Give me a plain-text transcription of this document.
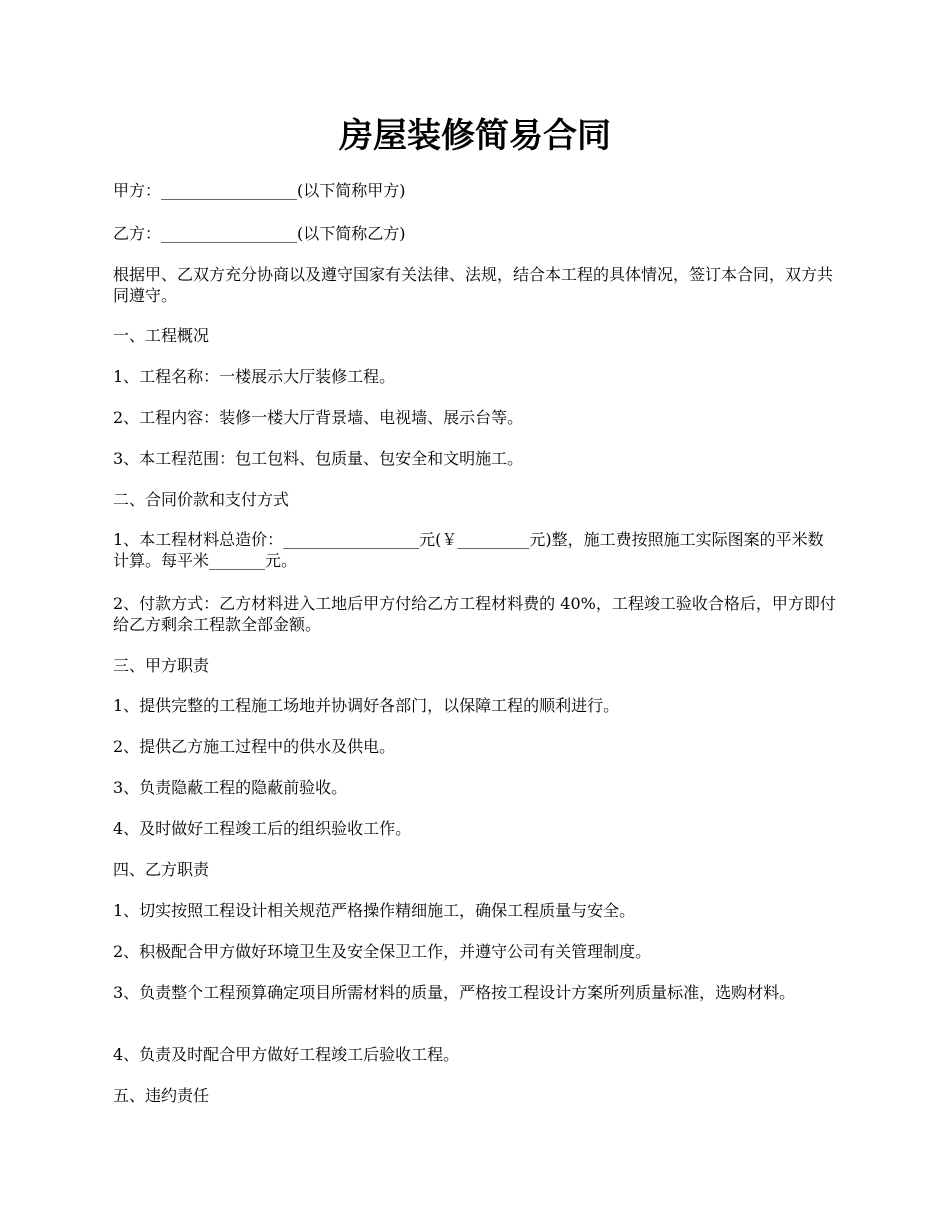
房屋装修简易合同

甲方：_________________(以下简称甲方)

乙方：_________________(以下简称乙方)

根据甲、乙双方充分协商以及遵守国家有关法律、法规，结合本工程的具体情况，签订本合同，双方共同遵守。

一、工程概况

1、工程名称：一楼展示大厅装修工程。

2、工程内容：装修一楼大厅背景墙、电视墙、展示台等。

3、本工程范围：包工包料、包质量、包安全和文明施工。

二、合同价款和支付方式

1、本工程材料总造价：_________________元(￥_________元)整，施工费按照施工实际图案的平米数计算。每平米_______元。

2、付款方式：乙方材料进入工地后甲方付给乙方工程材料费的 40%，工程竣工验收合格后，甲方即付给乙方剩余工程款全部金额。

三、甲方职责

1、提供完整的工程施工场地并协调好各部门，以保障工程的顺利进行。

2、提供乙方施工过程中的供水及供电。

3、负责隐蔽工程的隐蔽前验收。

4、及时做好工程竣工后的组织验收工作。

四、乙方职责

1、切实按照工程设计相关规范严格操作精细施工，确保工程质量与安全。

2、积极配合甲方做好环境卫生及安全保卫工作，并遵守公司有关管理制度。

3、负责整个工程预算确定项目所需材料的质量，严格按工程设计方案所列质量标准，选购材料。

4、负责及时配合甲方做好工程竣工后验收工程。

五、违约责任
